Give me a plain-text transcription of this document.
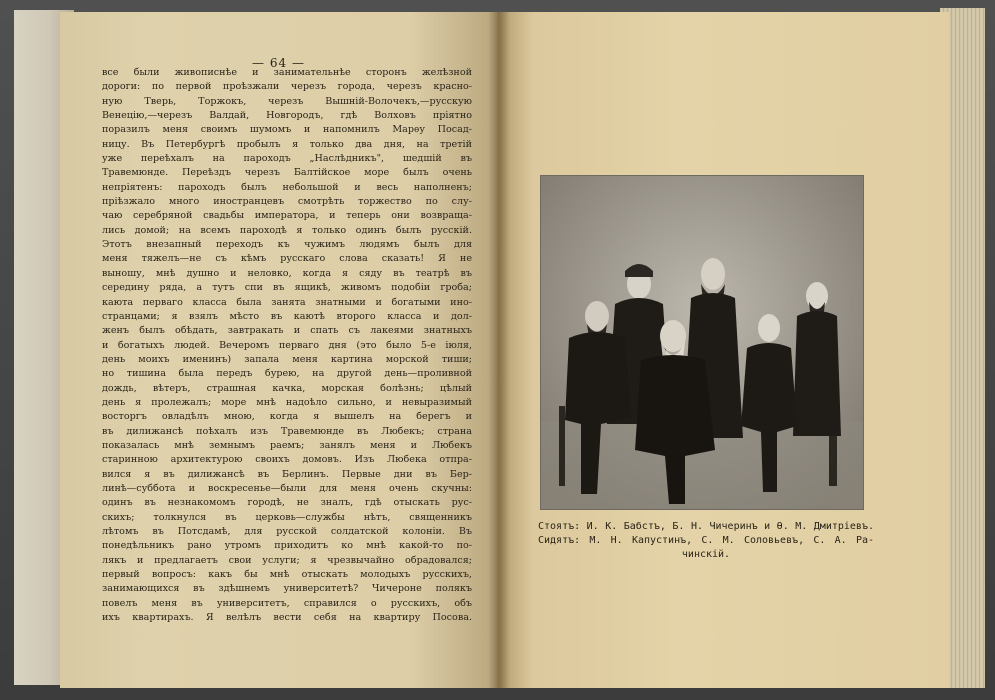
— 64 —
все были живописнѣе и занимательнѣе сторонъ желѣзной
дороги: по первой проѣзжали черезъ города, черезъ красно-
ную Тверь, Торжокъ, черезъ Вышній-Волочекъ,—русскую
Венецію,—черезъ Валдай, Новгородъ, гдѣ Волховъ пріятно
поразилъ меня своимъ шумомъ и напомнилъ Марѳу Посад-
ницу. Въ Петербургѣ пробылъ я только два дня, на третій
уже переѣхалъ на пароходъ „Наслѣдникъ", шедшій въ
Травемюнде. Переѣздъ черезъ Балтійское море былъ очень
непріятенъ: пароходъ былъ небольшой и весь наполненъ;
пріѣзжало много иностранцевъ смотрѣть торжество по слу-
чаю серебряной свадьбы императора, и теперь они возвраща-
лись домой; на всемъ пароходѣ я только одинъ былъ русскій.
Этотъ внезапный переходъ къ чужимъ людямъ былъ для
меня тяжелъ—не съ кѣмъ русскаго слова сказать! Я не
выношу, мнѣ душно и неловко, когда я сяду въ театрѣ въ
середину ряда, а тутъ спи въ ящикѣ, живомъ подобіи гроба;
каюта перваго класса была занята знатными и богатыми ино-
странцами; я взялъ мѣсто въ каютѣ второго класса и дол-
женъ былъ обѣдать, завтракать и спать съ лакеями знатныхъ
и богатыхъ людей. Вечеромъ перваго дня (это было 5-е іюля,
день моихъ именинъ) запала меня картина морской тиши;
но тишина была передъ бурею, на другой день—проливной
дождь, вѣтеръ, страшная качка, морская болѣзнь; цѣлый
день я пролежалъ; море мнѣ надоѣло сильно, и невыразимый
восторгъ овладѣлъ мною, когда я вышелъ на берегъ и
въ дилижансѣ поѣхалъ изъ Травемюнде въ Любекъ; страна
показалась мнѣ земнымъ раемъ; занялъ меня и Любекъ
старинною архитектурою своихъ домовъ. Изъ Любека отпра-
вился я въ дилижансѣ въ Берлинъ. Первые дни въ Бер-
линѣ—суббота и воскресенье—были для меня очень скучны:
одинъ въ незнакомомъ городѣ, не зналъ, гдѣ отыскать рус-
скихъ; толкнулся въ церковь—службы нѣтъ, священникъ
лѣтомъ въ Потсдамѣ, для русской солдатской колоніи. Въ
понедѣльникъ рано утромъ приходитъ ко мнѣ какой-то по-
лякъ и предлагаетъ свои услуги; я чрезвычайно обрадовался;
первый вопросъ: какъ бы мнѣ отыскать молодыхъ русскихъ,
занимающихся въ здѣшнемъ университетѣ? Чичероне полякъ
повелъ меня въ университетъ, справился о русскихъ, объ
ихъ квартирахъ. Я велѣлъ вести себя на квартиру Посова.
Стоятъ: И. К. Бабстъ, Б. Н. Чичеринъ и Ѳ. М. Дмитріевъ.
Сидятъ: М. Н. Капустинъ, С. М. Соловьевъ, С. А. Ра-
чинскій.
